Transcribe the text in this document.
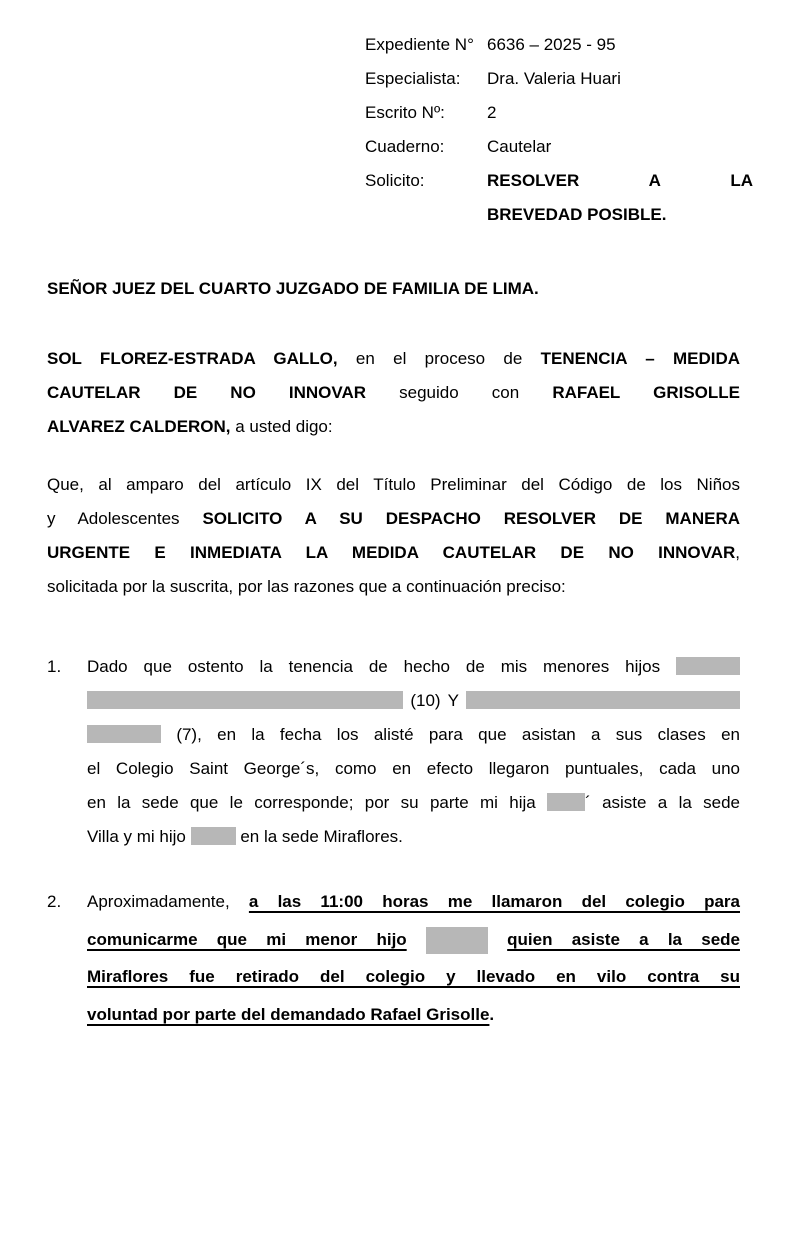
Expediente N° 6636 – 2025 - 95
Especialista:	Dra. Valeria Huari
Escrito Nº:	2
Cuaderno:	Cautelar
Solicito:	RESOLVER A LA
BREVEDAD POSIBLE.
SEÑOR JUEZ DEL CUARTO JUZGADO DE FAMILIA DE LIMA.
SOL FLOREZ-ESTRADA GALLO, en el proceso de TENENCIA – MEDIDA
CAUTELAR DE NO INNOVAR seguido con RAFAEL GRISOLLE
ALVAREZ CALDERON, a usted digo:
Que, al amparo del artículo IX del Título Preliminar del Código de los Niños
y Adolescentes SOLICITO A SU DESPACHO RESOLVER DE MANERA
URGENTE E INMEDIATA LA MEDIDA CAUTELAR DE NO INNOVAR,
solicitada por la suscrita, por las razones que a continuación preciso:
1. Dado que ostento la tenencia de hecho de mis menores hijos
(10) Y
(7), en la fecha los alisté para que asistan a sus clases en
el Colegio Saint George´s, como en efecto llegaron puntuales, cada uno
en la sede que le corresponde; por su parte mi hija	´ asiste a la sede
Villa y mi hijo	en la sede Miraflores.
2. Aproximadamente, a las 11:00 horas me llamaron del colegio para
comunicarme que mi menor hijo	quien asiste a la sede
Miraflores fue retirado del colegio y llevado en vilo contra su
voluntad por parte del demandado Rafael Grisolle.
